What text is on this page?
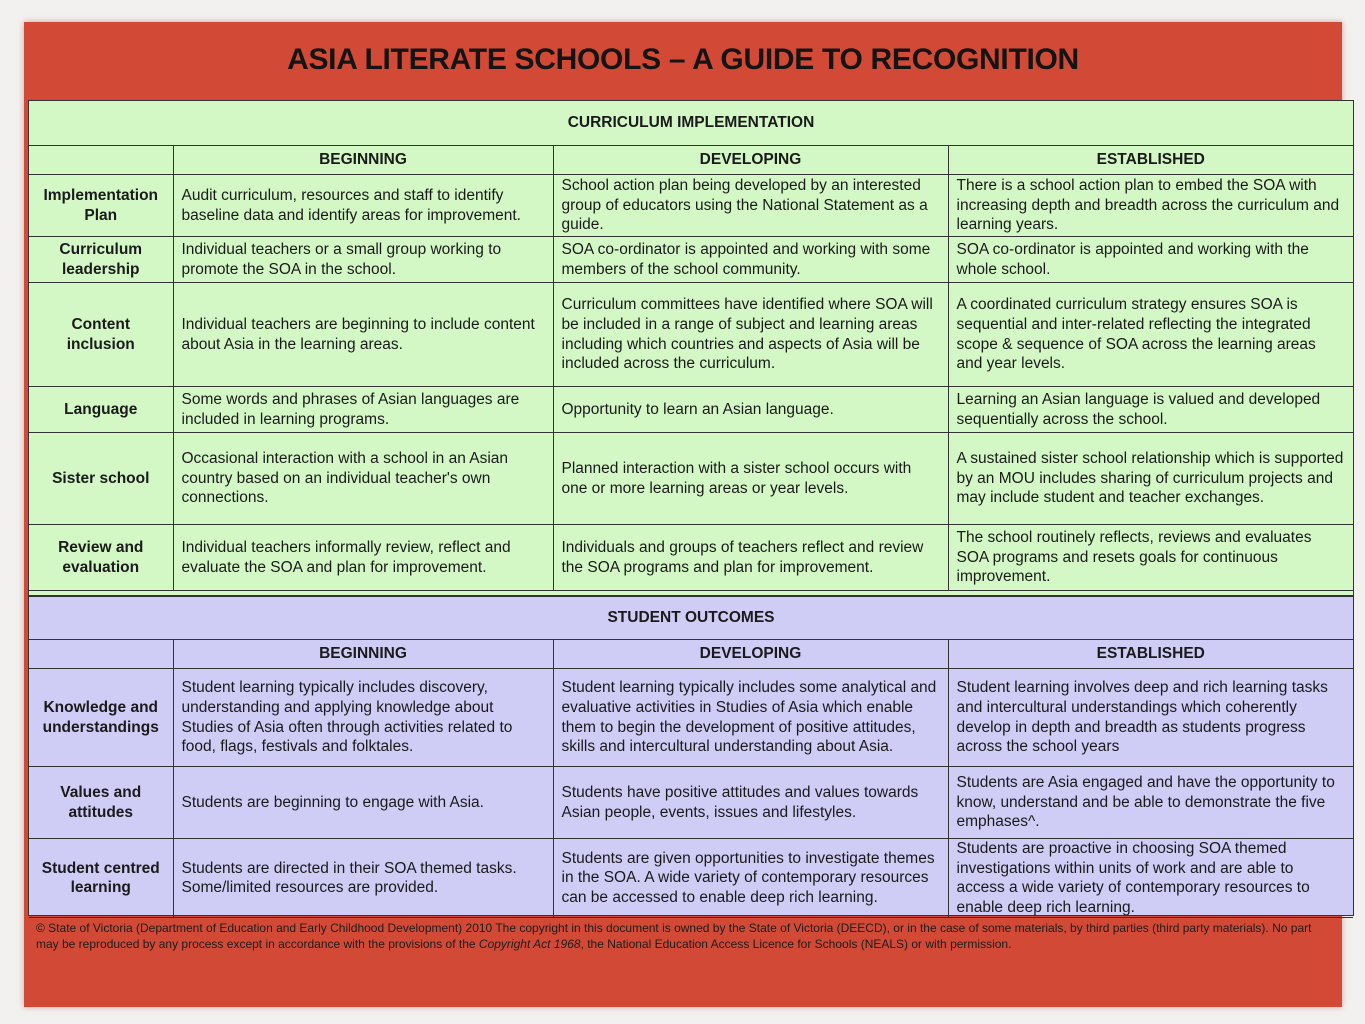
ASIA LITERATE SCHOOLS – A GUIDE TO RECOGNITION
CURRICULUM IMPLEMENTATION			
	BEGINNING	DEVELOPING	ESTABLISHED
Implementation Plan	Audit curriculum, resources and staff to identify baseline data and identify areas for improvement.	School action plan being developed by an interested group of educators using the National Statement as a guide.	There is a school action plan to embed the SOA with increasing depth and breadth across the curriculum and learning years.
Curriculum leadership	Individual teachers or a small group working to promote the SOA in the school.	SOA co-ordinator is appointed and working with some members of the school community.	SOA co-ordinator is appointed and working with the whole school.
Content inclusion	Individual teachers are beginning to include content about Asia in the learning areas.	Curriculum committees have identified where SOA will be included in a range of subject and learning areas including which countries and aspects of Asia will be included across the curriculum.	A coordinated curriculum strategy ensures SOA is sequential and inter-related reflecting the integrated scope & sequence of SOA across the learning areas and year levels.
Language	Some words and phrases of Asian languages are included in learning programs.	Opportunity to learn an Asian language.	Learning an Asian language is valued and developed sequentially across the school.
Sister school	Occasional interaction with a school in an Asian country based on an individual teacher's own connections.	Planned interaction with a sister school occurs with one or more learning areas or year levels.	A sustained sister school relationship which is supported by an MOU includes sharing of curriculum projects and may include student and teacher exchanges.
Review and evaluation	Individual teachers informally review, reflect and evaluate the SOA and plan for improvement.	Individuals and groups of teachers reflect and review the SOA programs and plan for improvement.	The school routinely reflects, reviews and evaluates SOA programs and resets goals for continuous improvement.
STUDENT OUTCOMES			
	BEGINNING	DEVELOPING	ESTABLISHED
Knowledge and understandings	Student learning typically includes discovery, understanding and applying knowledge about Studies of Asia often through activities related to food, flags, festivals and folktales.	Student learning typically includes some analytical and evaluative activities in Studies of Asia which enable them to begin the development of positive attitudes, skills and intercultural understanding about Asia.	Student learning involves deep and rich learning tasks and intercultural understandings which coherently develop in depth and breadth as students progress across the school years
Values and attitudes	Students are beginning to engage with Asia.	Students have positive attitudes and values towards Asian people, events, issues and lifestyles.	Students are Asia engaged and have the opportunity to know, understand and be able to demonstrate the five emphases^.
Student centred learning	Students are directed in their SOA themed tasks. Some/limited resources are provided.	Students are given opportunities to investigate themes in the SOA. A wide variety of contemporary resources can be accessed to enable deep rich learning.	Students are proactive in choosing SOA themed investigations within units of work and are able to access a wide variety of contemporary resources to enable deep rich learning.
© State of Victoria (Department of Education and Early Childhood Development) 2010 The copyright in this document is owned by the State of Victoria (DEECD), or in the case of some materials, by third parties (third party materials). No part may be reproduced by any process except in accordance with the provisions of the Copyright Act 1968, the National Education Access Licence for Schools (NEALS) or with permission.
